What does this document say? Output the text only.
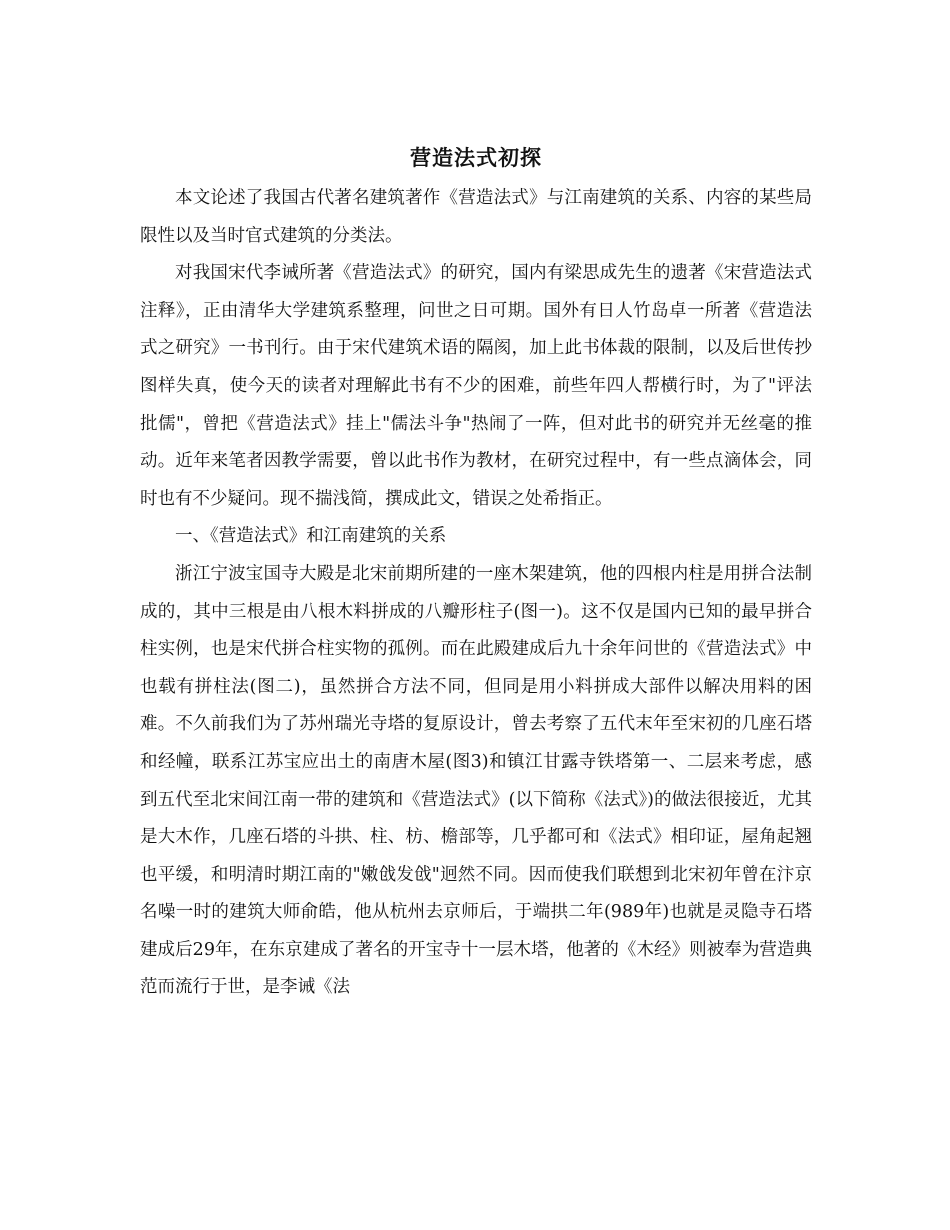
营造法式初探

本文论述了我国古代著名建筑著作《营造法式》与江南建筑的关系、内容的某些局限性以及当时官式建筑的分类法。

对我国宋代李诫所著《营造法式》的研究，国内有梁思成先生的遗著《宋营造法式注释》，正由清华大学建筑系整理，问世之日可期。国外有日人竹岛卓一所著《营造法式之研究》一书刊行。由于宋代建筑术语的隔阂，加上此书体裁的限制，以及后世传抄图样失真，使今天的读者对理解此书有不少的困难，前些年四人帮横行时，为了"评法批儒"，曾把《营造法式》挂上"儒法斗争"热闹了一阵，但对此书的研究并无丝毫的推动。近年来笔者因教学需要，曾以此书作为教材，在研究过程中，有一些点滴体会，同时也有不少疑问。现不揣浅简，撰成此文，错误之处希指正。

一、《营造法式》和江南建筑的关系

浙江宁波宝国寺大殿是北宋前期所建的一座木架建筑，他的四根内柱是用拼合法制成的，其中三根是由八根木料拼成的八瓣形柱子(图一)。这不仅是国内已知的最早拼合柱实例，也是宋代拼合柱实物的孤例。而在此殿建成后九十余年问世的《营造法式》中也载有拼柱法(图二)，虽然拼合方法不同，但同是用小料拼成大部件以解决用料的困难。不久前我们为了苏州瑞光寺塔的复原设计，曾去考察了五代末年至宋初的几座石塔和经幢，联系江苏宝应出土的南唐木屋(图3)和镇江甘露寺铁塔第一、二层来考虑，感到五代至北宋间江南一带的建筑和《营造法式》(以下简称《法式》)的做法很接近，尤其是大木作，几座石塔的斗拱、柱、枋、檐部等，几乎都可和《法式》相印证，屋角起翘也平缓，和明清时期江南的"嫩戗发戗"迥然不同。因而使我们联想到北宋初年曾在汴京名噪一时的建筑大师俞皓，他从杭州去京师后，于端拱二年(989年)也就是灵隐寺石塔建成后29年，在东京建成了著名的开宝寺十一层木塔，他著的《木经》则被奉为营造典范而流行于世，是李诫《法
